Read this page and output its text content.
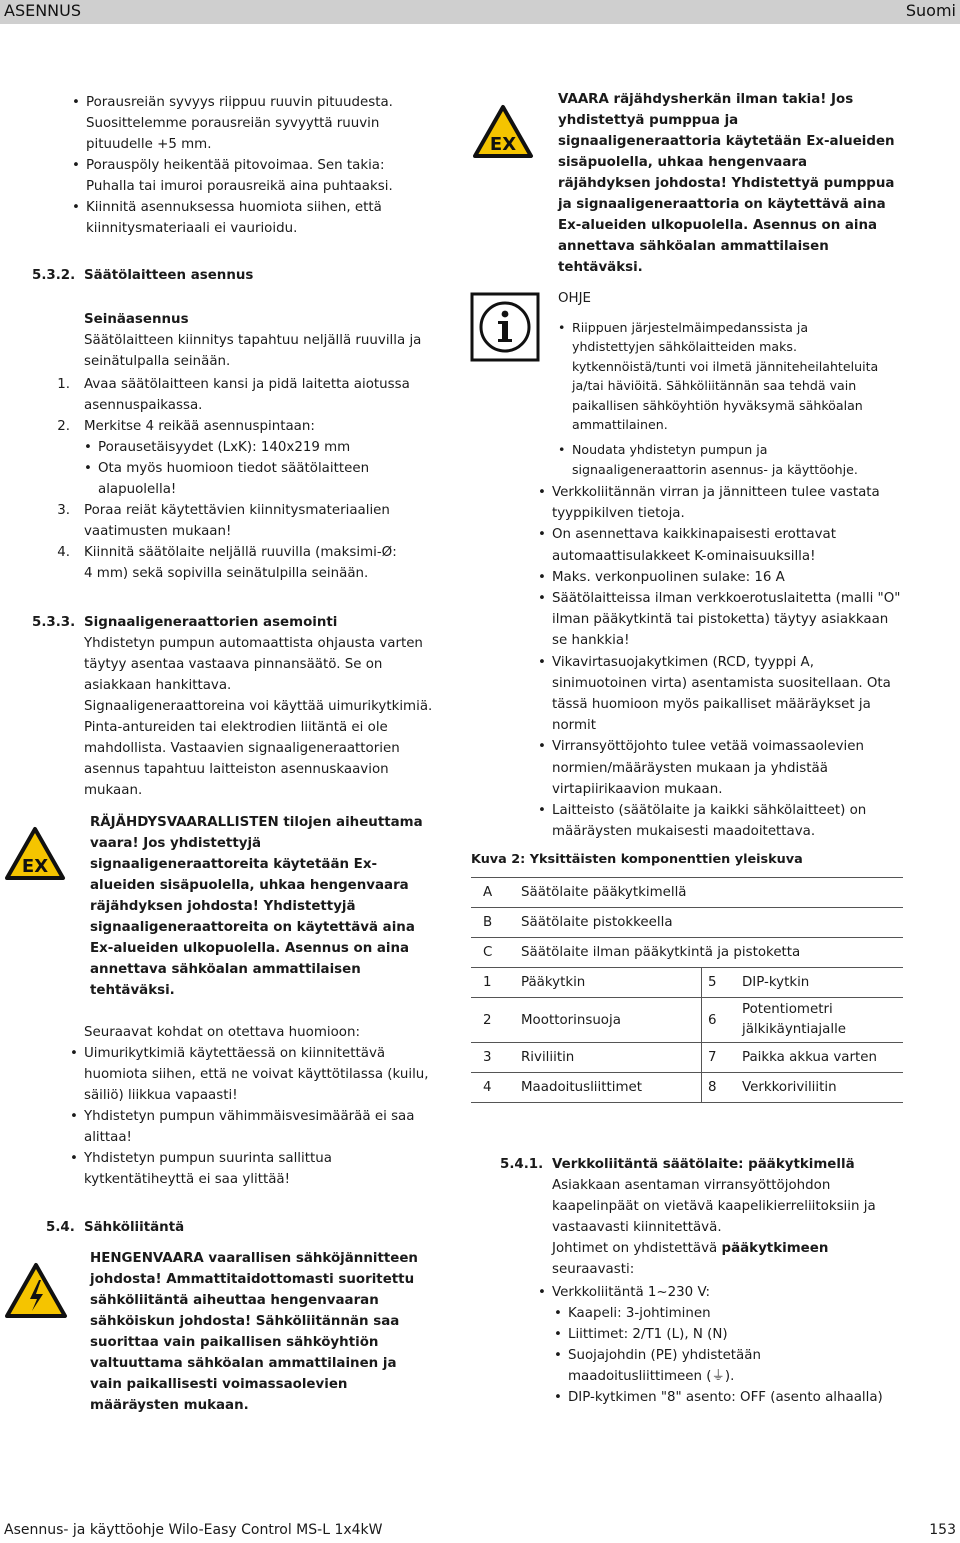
ASENNUS	Suomi
• Porausreiän syvyys riippuu ruuvin pituudesta. Suosittelemme porausreiän syvyyttä ruuvin pituudelle +5 mm.
• Porauspöly heikentää pitovoimaa. Sen takia: Puhalla tai imuroi porausreikä aina puhtaaksi.
• Kiinnitä asennuksessa huomiota siihen, että kiinnitysmateriaali ei vaurioidu.
5.3.2. Säätölaitteen asennus
Seinäasennus
Säätölaitteen kiinnitys tapahtuu neljällä ruuvilla ja seinätulpalla seinään.
1. Avaa säätölaitteen kansi ja pidä laitetta aiotussa asennuspaikassa.
2. Merkitse 4 reikää asennuspintaan:
• Porausetäisyydet (LxK): 140x219 mm
• Ota myös huomioon tiedot säätölaitteen alapuolella!
3. Poraa reiät käytettävien kiinnitysmateriaalien vaatimusten mukaan!
4. Kiinnitä säätölaite neljällä ruuvilla (maksimi-Ø: 4 mm) sekä sopivilla seinätulpilla seinään.
5.3.3. Signaaligeneraattorien asemointi
Yhdistetyn pumpun automaattista ohjausta varten täytyy asentaa vastaava pinnansäätö. Se on asiakkaan hankittava.
Signaaligeneraattoreina voi käyttää uimurikytkimiä. Pinta-antureiden tai elektrodien liitäntä ei ole mahdollista. Vastaavien signaaligeneraattorien asennus tapahtuu laitteiston asennuskaavion mukaan.
EX
RÄJÄHDYSVAARALLISTEN tilojen aiheuttama vaara! Jos yhdistettyjä signaaligeneraattoreita käytetään Ex-alueiden sisäpuolella, uhkaa hengenvaara räjähdyksen johdosta! Yhdistettyjä signaaligeneraattoreita on käytettävä aina Ex-alueiden ulkopuolella. Asennus on aina annettava sähköalan ammattilaisen tehtäväksi.
Seuraavat kohdat on otettava huomioon:
• Uimurikytkimiä käytettäessä on kiinnitettävä huomiota siihen, että ne voivat käyttötilassa (kuilu, säiliö) liikkua vapaasti!
• Yhdistetyn pumpun vähimmäisvesimäärää ei saa alittaa!
• Yhdistetyn pumpun suurinta sallittua kytkentätiheyttä ei saa ylittää!
5.4. Sähköliitäntä
HENGENVAARA vaarallisen sähköjännitteen johdosta! Ammattitaidottomasti suoritettu sähköliitäntä aiheuttaa hengenvaaran sähköiskun johdosta! Sähköliitännän saa suorittaa vain paikallisen sähköyhtiön valtuuttama sähköalan ammattilainen ja vain paikallisesti voimassaolevien määräysten mukaan.
EX
VAARA räjähdysherkän ilman takia! Jos yhdistettyä pumppua ja signaaligeneraattoria käytetään Ex-alueiden sisäpuolella, uhkaa hengenvaara räjähdyksen johdosta! Yhdistettyä pumppua ja signaaligeneraattoria on käytettävä aina Ex-alueiden ulkopuolella. Asennus on aina annettava sähköalan ammattilaisen tehtäväksi.
OHJE
• Riippuen järjestelmäimpedanssista ja yhdistettyjen sähkölaitteiden maks. kytkennöistä/tunti voi ilmetä jänniteheilahteluita ja/tai häviöitä. Sähköliitännän saa tehdä vain paikallisen sähköyhtiön hyväksymä sähköalan ammattilainen.
• Noudata yhdistetyn pumpun ja signaaligeneraattorin asennus- ja käyttöohje.
• Verkkoliitännän virran ja jännitteen tulee vastata tyyppikilven tietoja.
• On asennettava kaikkinapaisesti erottavat automaattisulakkeet K-ominaisuuksilla!
• Maks. verkonpuolinen sulake: 16 A
• Säätölaitteissa ilman verkkoerotuslaitetta (malli "O" ilman pääkytkintä tai pistoketta) täytyy asiakkaan se hankkia!
• Vikavirtasuojakytkimen (RCD, tyyppi A, sinimuotoinen virta) asentamista suositellaan. Ota tässä huomioon myös paikalliset määräykset ja normit
• Virransyöttöjohto tulee vetää voimassaolevien normien/määräysten mukaan ja yhdistää virtapiirikaavion mukaan.
• Laitteisto (säätölaite ja kaikki sähkölaitteet) on määräysten mukaisesti maadoitettava.
Kuva 2: Yksittäisten komponenttien yleiskuva
A	Säätölaite pääkytkimellä		
B	Säätölaite pistokkeella		
C	Säätölaite ilman pääkytkintä ja pistoketta		
1	Pääkytkin	5	DIP-kytkin
2	Moottorinsuoja	6	Potentiometri jälkikäyntiajalle
3	Riviliitin	7	Paikka akkua varten
4	Maadoitusliittimet	8	Verkkoriviliitin
5.4.1. Verkkoliitäntä säätölaite: pääkytkimellä
Asiakkaan asentaman virransyöttöjohdon kaapelinpäät on vietävä kaapelikierreliitoksiin ja vastaavasti kiinnitettävä.
Johtimet on yhdistettävä pääkytkimeen seuraavasti:
• Verkkoliitäntä 1~230 V:
• Kaapeli: 3-johtiminen
• Liittimet: 2/T1 (L), N (N)
• Suojajohdin (PE) yhdistetään maadoitusliittimeen (⏚).
• DIP-kytkimen "8" asento: OFF (asento alhaalla)
Asennus- ja käyttöohje Wilo-Easy Control MS-L 1x4kW	153
